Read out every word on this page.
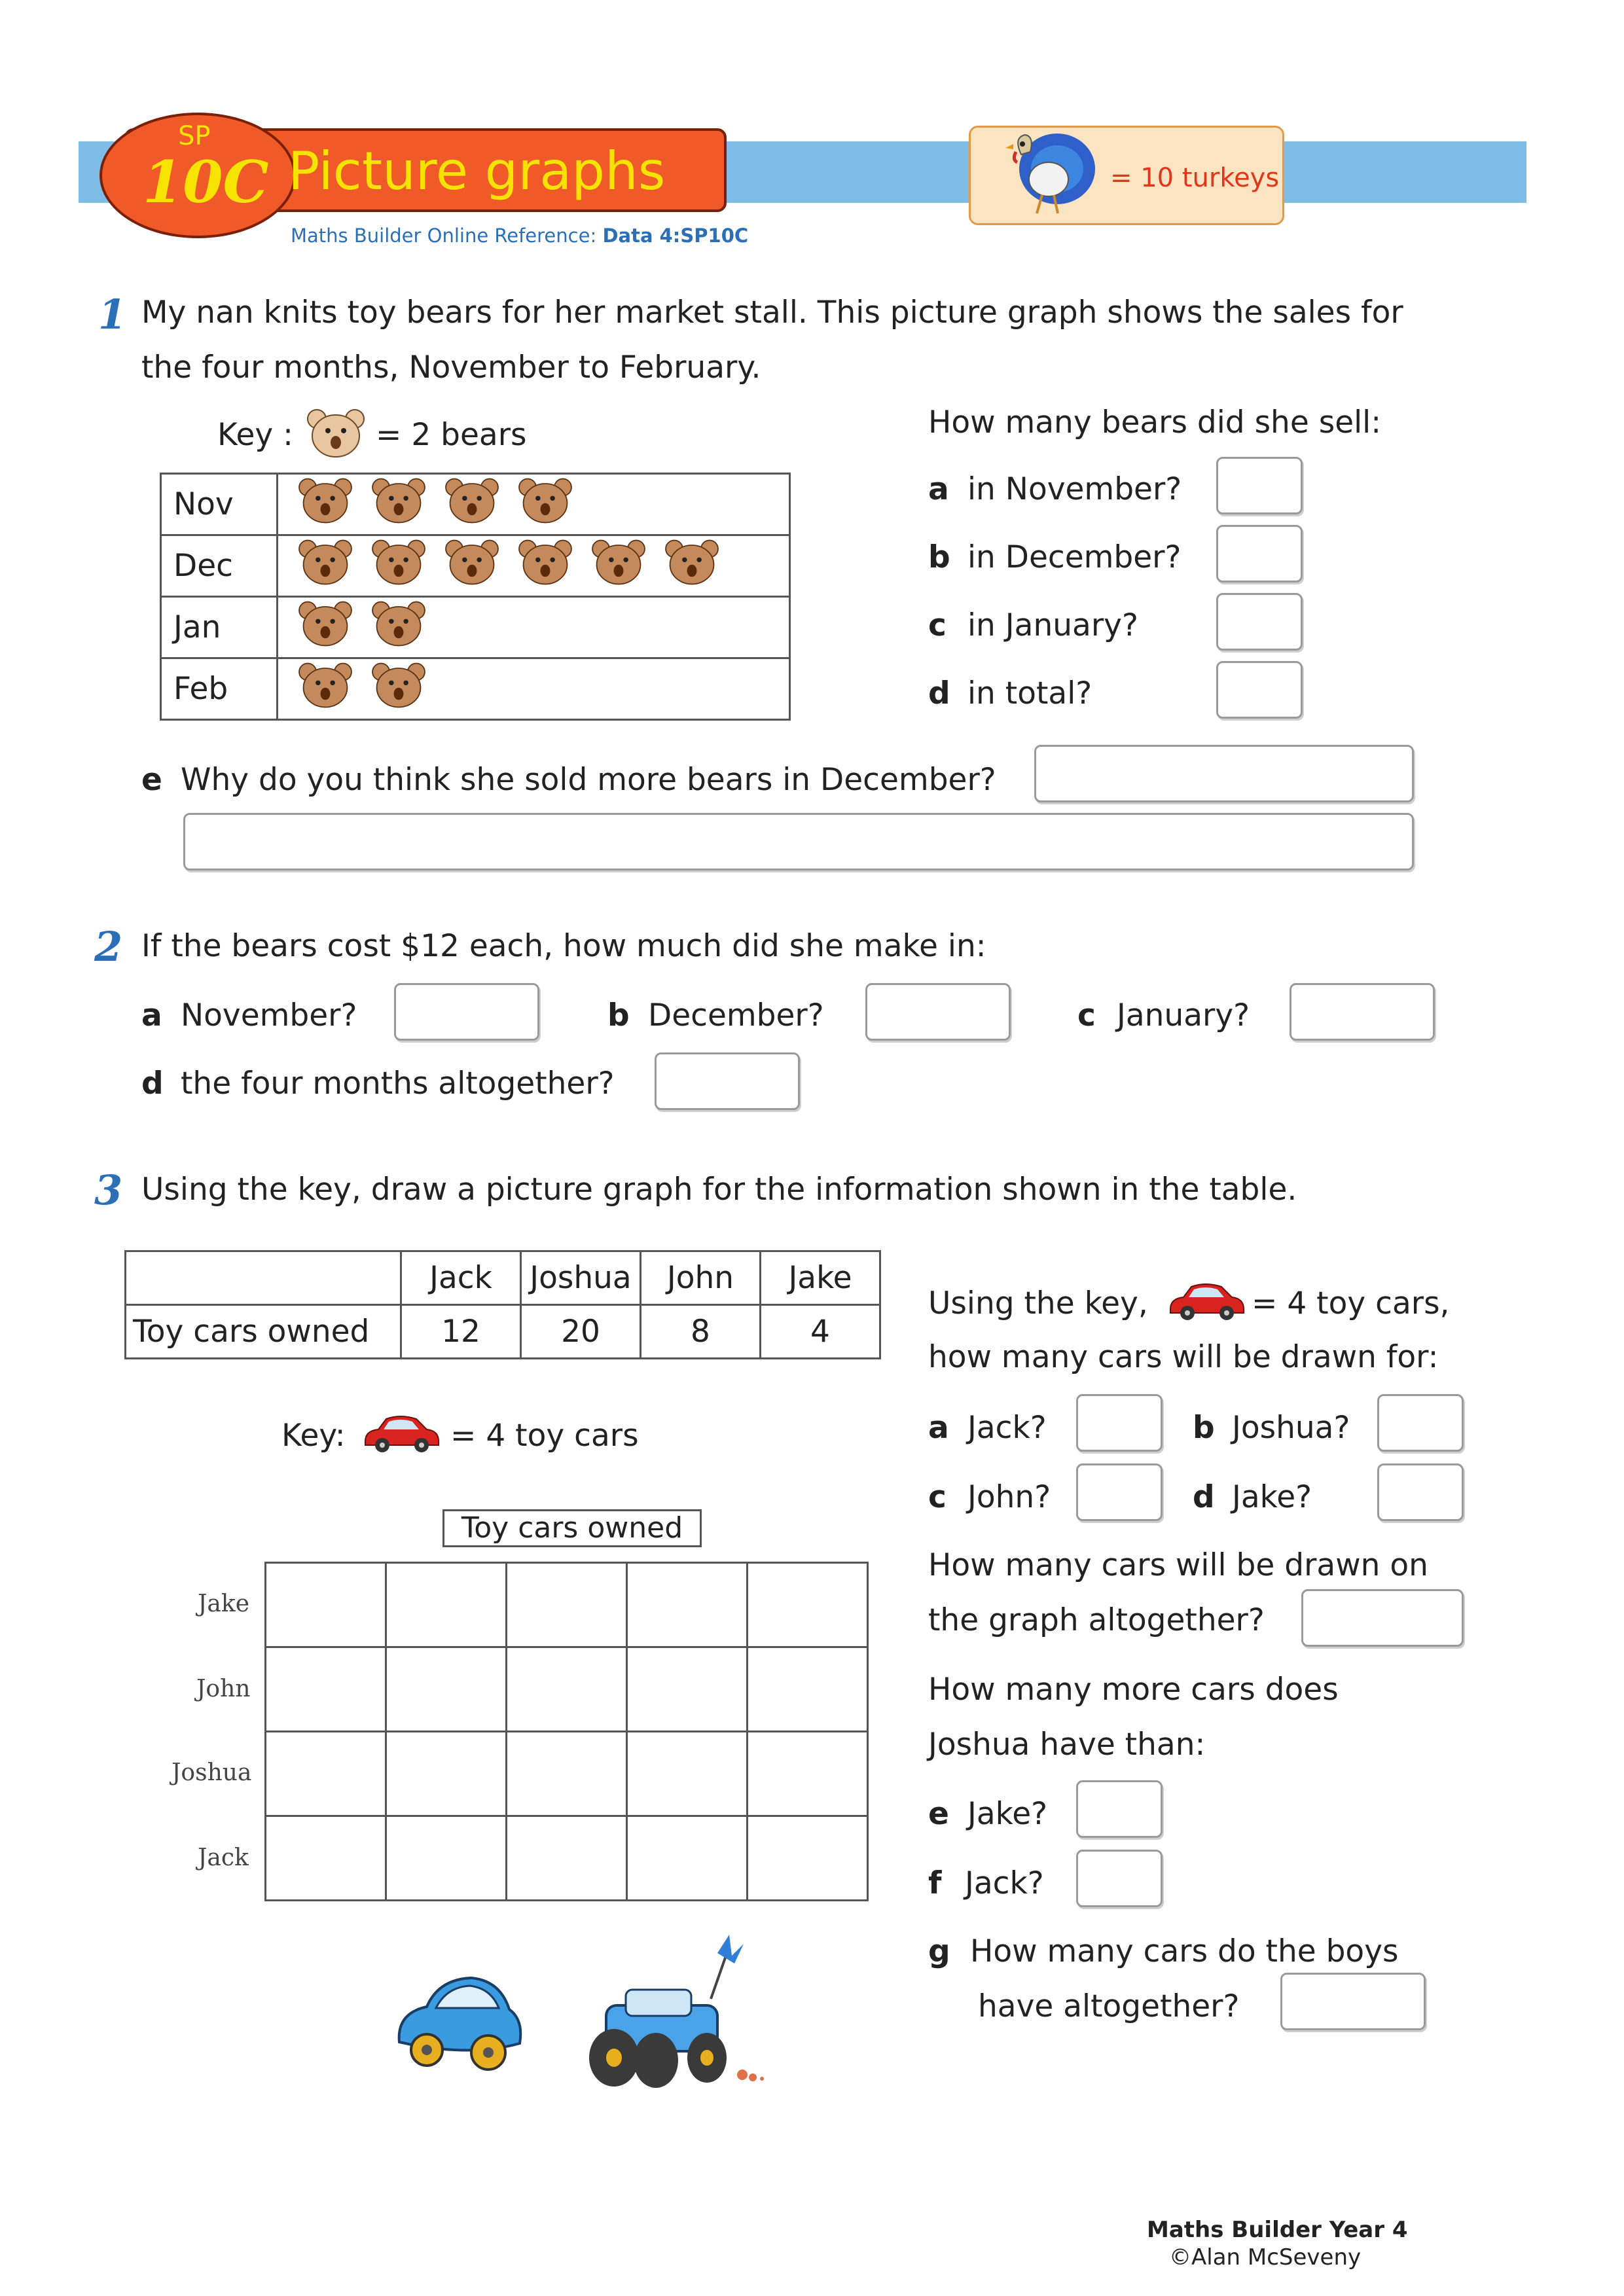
SP
10C Picture graphs
Maths Builder Online Reference: Data 4:SP10C
= 10 turkeys
1 My nan knits toy bears for her market stall. This picture graph shows the sales for
the four months, November to February.
Key :	= 2 bears
Nov	

Dec	

Jan	

Feb	
How many bears did she sell:
a in November?
b in December?
c in January?
d in total?
e Why do you think she sold more bears in December?
2 If the bears cost $12 each, how much did she make in:
a November?	b December?	c January?
d the four months altogether?
3 Using the key, draw a picture graph for the information shown in the table.
	Jack	Joshua	John	Jake
Toy cars owned	12	20	8	4
Key:	= 4 toy cars
Toy cars owned

Jake
John
Joshua
Jack
Using the key,	= 4 toy cars,
how many cars will be drawn for:
a Jack?	b Joshua?
c John?	d Jake?
How many cars will be drawn on
the graph altogether?
How many more cars does
Joshua have than:
e Jake?
f Jack?
g How many cars do the boys
have altogether?
Maths Builder Year 4
©Alan McSeveny
